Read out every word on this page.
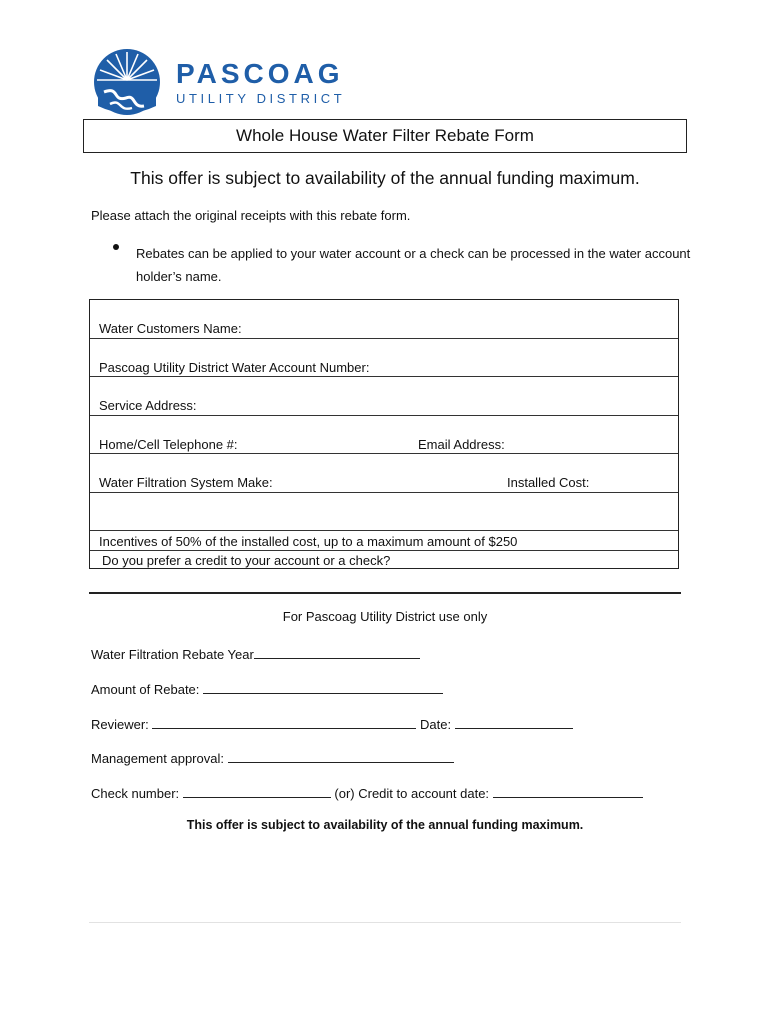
PASCOAG
UTILITY DISTRICT
Whole House Water Filter Rebate Form
This offer is subject to availability of the annual funding maximum.
Please attach the original receipts with this rebate form.
Rebates can be applied to your water account or a check can be processed in the water account holder’s name.
Water Customers Name:
Pascoag Utility District Water Account Number:
Service Address:
Home/Cell Telephone #:	Email Address:
Water Filtration System Make:	Installed Cost:
Incentives of 50% of the installed cost, up to a maximum amount of $250
Do you prefer a credit to your account or a check?
For Pascoag Utility District use only
Water Filtration Rebate Year
Amount of Rebate:
Reviewer:	Date:
Management approval:
Check number:	(or) Credit to account date:
This offer is subject to availability of the annual funding maximum.
